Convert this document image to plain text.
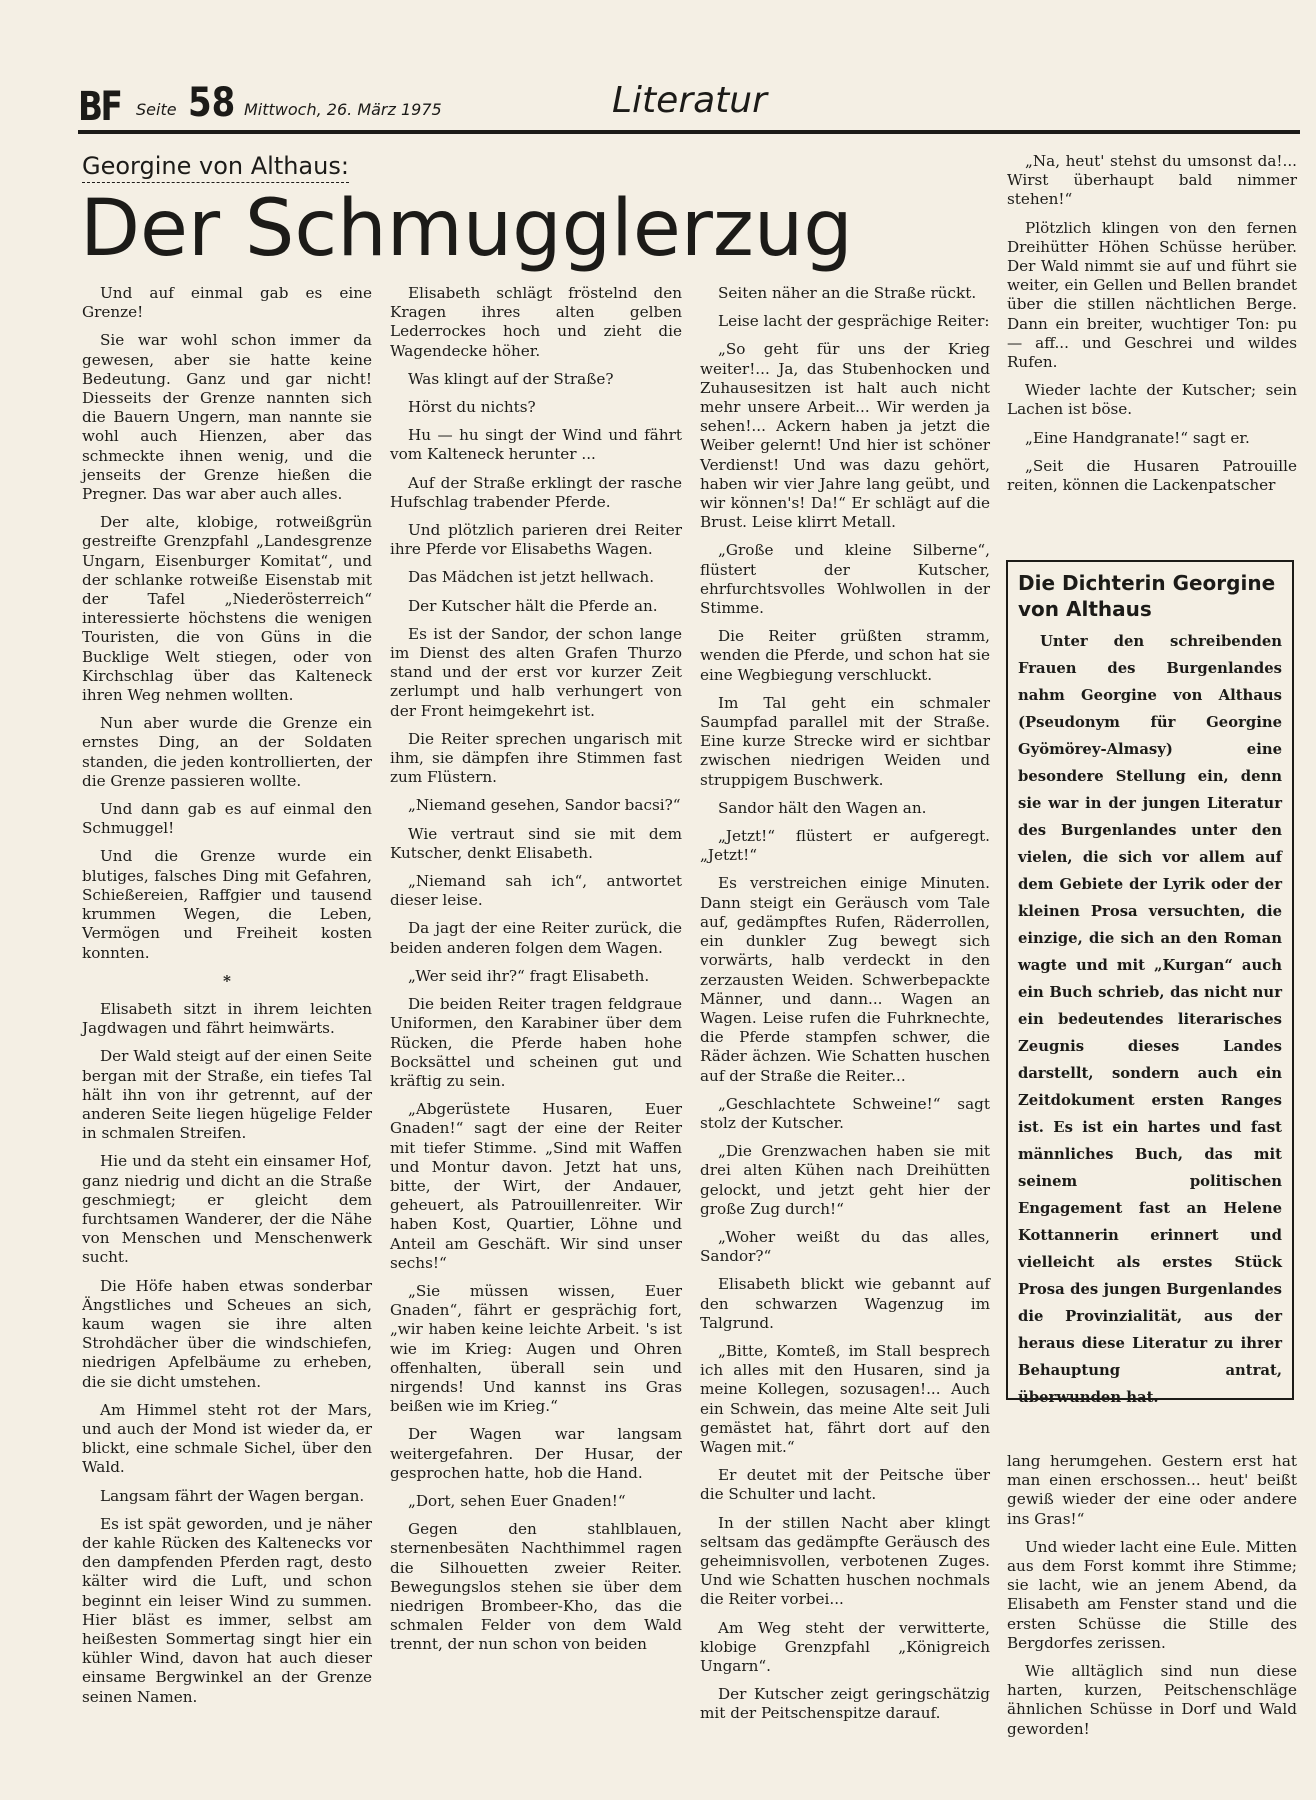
BF Seite 58 Mittwoch, 26. März 1975	Literatur
Georgine von Althaus:
Der Schmugglerzug

Und auf einmal gab es eine Grenze!

Sie war wohl schon immer da gewesen, aber sie hatte keine Bedeutung. Ganz und gar nicht! Diesseits der Grenze nannten sich die Bauern Ungern, man nannte sie wohl auch Hienzen, aber das schmeckte ihnen wenig, und die jenseits der Grenze hießen die Pregner. Das war aber auch alles.

Der alte, klobige, rotweißgrün gestreifte Grenzpfahl „Landesgrenze Ungarn, Eisenburger Komitat“, und der schlanke rotweiße Eisenstab mit der Tafel „Niederösterreich“ interessierte höchstens die wenigen Touristen, die von Güns in die Bucklige Welt stiegen, oder von Kirchschlag über das Kalteneck ihren Weg nehmen wollten.

Nun aber wurde die Grenze ein ernstes Ding, an der Soldaten standen, die jeden kontrollierten, der die Grenze passieren wollte.

Und dann gab es auf einmal den Schmuggel!

Und die Grenze wurde ein blutiges, falsches Ding mit Gefahren, Schießereien, Raffgier und tausend krummen Wegen, die Leben, Vermögen und Freiheit kosten konnten.

*

Elisabeth sitzt in ihrem leichten Jagdwagen und fährt heimwärts.

Der Wald steigt auf der einen Seite bergan mit der Straße, ein tiefes Tal hält ihn von ihr getrennt, auf der anderen Seite liegen hügelige Felder in schmalen Streifen.

Hie und da steht ein einsamer Hof, ganz niedrig und dicht an die Straße geschmiegt; er gleicht dem furchtsamen Wanderer, der die Nähe von Menschen und Menschenwerk sucht.

Die Höfe haben etwas sonderbar Ängstliches und Scheues an sich, kaum wagen sie ihre alten Strohdächer über die windschiefen, niedrigen Apfelbäume zu erheben, die sie dicht umstehen.

Am Himmel steht rot der Mars, und auch der Mond ist wieder da, er blickt, eine schmale Sichel, über den Wald.

Langsam fährt der Wagen bergan.

Es ist spät geworden, und je näher der kahle Rücken des Kaltenecks vor den dampfenden Pferden ragt, desto kälter wird die Luft, und schon beginnt ein leiser Wind zu summen. Hier bläst es immer, selbst am heißesten Sommertag singt hier ein kühler Wind, davon hat auch dieser einsame Bergwinkel an der Grenze seinen Namen.

Elisabeth schlägt fröstelnd den Kragen ihres alten gelben Lederrockes hoch und zieht die Wagendecke höher.

Was klingt auf der Straße?

Hörst du nichts?

Hu — hu singt der Wind und fährt vom Kalteneck herunter ...

Auf der Straße erklingt der rasche Hufschlag trabender Pferde.

Und plötzlich parieren drei Reiter ihre Pferde vor Elisabeths Wagen.

Das Mädchen ist jetzt hellwach.

Der Kutscher hält die Pferde an.

Es ist der Sandor, der schon lange im Dienst des alten Grafen Thurzo stand und der erst vor kurzer Zeit zerlumpt und halb verhungert von der Front heimgekehrt ist.

Die Reiter sprechen ungarisch mit ihm, sie dämpfen ihre Stimmen fast zum Flüstern.

„Niemand gesehen, Sandor bacsi?“

Wie vertraut sind sie mit dem Kutscher, denkt Elisabeth.

„Niemand sah ich“, antwortet dieser leise.

Da jagt der eine Reiter zurück, die beiden anderen folgen dem Wagen.

„Wer seid ihr?“ fragt Elisabeth.

Die beiden Reiter tragen feldgraue Uniformen, den Karabiner über dem Rücken, die Pferde haben hohe Bocksättel und scheinen gut und kräftig zu sein.

„Abgerüstete Husaren, Euer Gnaden!“ sagt der eine der Reiter mit tiefer Stimme. „Sind mit Waffen und Montur davon. Jetzt hat uns, bitte, der Wirt, der Andauer, geheuert, als Patrouillenreiter. Wir haben Kost, Quartier, Löhne und Anteil am Geschäft. Wir sind unser sechs!“

„Sie müssen wissen, Euer Gnaden“, fährt er gesprächig fort, „wir haben keine leichte Arbeit. 's ist wie im Krieg: Augen und Ohren offenhalten, überall sein und nirgends! Und kannst ins Gras beißen wie im Krieg.“

Der Wagen war langsam weitergefahren. Der Husar, der gesprochen hatte, hob die Hand.

„Dort, sehen Euer Gnaden!“

Gegen den stahlblauen, sternenbesäten Nachthimmel ragen die Silhouetten zweier Reiter. Bewegungslos stehen sie über dem niedrigen Brombeer-Kho, das die schmalen Felder von dem Wald trennt, der nun schon von beiden

Seiten näher an die Straße rückt.

Leise lacht der gesprächige Reiter:

„So geht für uns der Krieg weiter!... Ja, das Stubenhocken und Zuhausesitzen ist halt auch nicht mehr unsere Arbeit... Wir werden ja sehen!... Ackern haben ja jetzt die Weiber gelernt! Und hier ist schöner Verdienst! Und was dazu gehört, haben wir vier Jahre lang geübt, und wir können's! Da!“ Er schlägt auf die Brust. Leise klirrt Metall.

„Große und kleine Silberne“, flüstert der Kutscher, ehrfurchtsvolles Wohlwollen in der Stimme.

Die Reiter grüßten stramm, wenden die Pferde, und schon hat sie eine Wegbiegung verschluckt.

Im Tal geht ein schmaler Saumpfad parallel mit der Straße. Eine kurze Strecke wird er sichtbar zwischen niedrigen Weiden und struppigem Buschwerk.

Sandor hält den Wagen an.

„Jetzt!“ flüstert er aufgeregt. „Jetzt!“

Es verstreichen einige Minuten. Dann steigt ein Geräusch vom Tale auf, gedämpftes Rufen, Räderrollen, ein dunkler Zug bewegt sich vorwärts, halb verdeckt in den zerzausten Weiden. Schwerbepackte Männer, und dann... Wagen an Wagen. Leise rufen die Fuhrknechte, die Pferde stampfen schwer, die Räder ächzen. Wie Schatten huschen auf der Straße die Reiter...

„Geschlachtete Schweine!“ sagt stolz der Kutscher.

„Die Grenzwachen haben sie mit drei alten Kühen nach Dreihütten gelockt, und jetzt geht hier der große Zug durch!“

„Woher weißt du das alles, Sandor?“

Elisabeth blickt wie gebannt auf den schwarzen Wagenzug im Talgrund.

„Bitte, Komteß, im Stall besprech ich alles mit den Husaren, sind ja meine Kollegen, sozusagen!... Auch ein Schwein, das meine Alte seit Juli gemästet hat, fährt dort auf den Wagen mit.“

Er deutet mit der Peitsche über die Schulter und lacht.

In der stillen Nacht aber klingt seltsam das gedämpfte Geräusch des geheimnisvollen, verbotenen Zuges. Und wie Schatten huschen nochmals die Reiter vorbei...

Am Weg steht der verwitterte, klobige Grenzpfahl „Königreich Ungarn“.

Der Kutscher zeigt geringschätzig mit der Peitschenspitze darauf.

„Na, heut' stehst du umsonst da!... Wirst überhaupt bald nimmer stehen!“

Plötzlich klingen von den fernen Dreihütter Höhen Schüsse herüber. Der Wald nimmt sie auf und führt sie weiter, ein Gellen und Bellen brandet über die stillen nächtlichen Berge. Dann ein breiter, wuchtiger Ton: pu — aff... und Geschrei und wildes Rufen.

Wieder lachte der Kutscher; sein Lachen ist böse.

„Eine Handgranate!“ sagt er.

„Seit die Husaren Patrouille reiten, können die Lackenpatscher

Die Dichterin Georgine von Althaus
Unter den schreibenden Frauen des Burgenlandes nahm Georgine von Althaus (Pseudonym für Georgine Gyömörey-Almasy) eine besondere Stellung ein, denn sie war in der jungen Literatur des Burgenlandes unter den vielen, die sich vor allem auf dem Gebiete der Lyrik oder der kleinen Prosa versuchten, die einzige, die sich an den Roman wagte und mit „Kurgan“ auch ein Buch schrieb, das nicht nur ein bedeutendes literarisches Zeugnis dieses Landes darstellt, sondern auch ein Zeitdokument ersten Ranges ist. Es ist ein hartes und fast männliches Buch, das mit seinem politischen Engagement fast an Helene Kottannerin erinnert und vielleicht als erstes Stück Prosa des jungen Burgenlandes die Provinzialität, aus der heraus diese Literatur zu ihrer Behauptung antrat, überwunden hat.

lang herumgehen. Gestern erst hat man einen erschossen... heut' beißt gewiß wieder der eine oder andere ins Gras!“

Und wieder lacht eine Eule. Mitten aus dem Forst kommt ihre Stimme; sie lacht, wie an jenem Abend, da Elisabeth am Fenster stand und die ersten Schüsse die Stille des Bergdorfes zerissen.

Wie alltäglich sind nun diese harten, kurzen, Peitschenschläge ähnlichen Schüsse in Dorf und Wald geworden!
